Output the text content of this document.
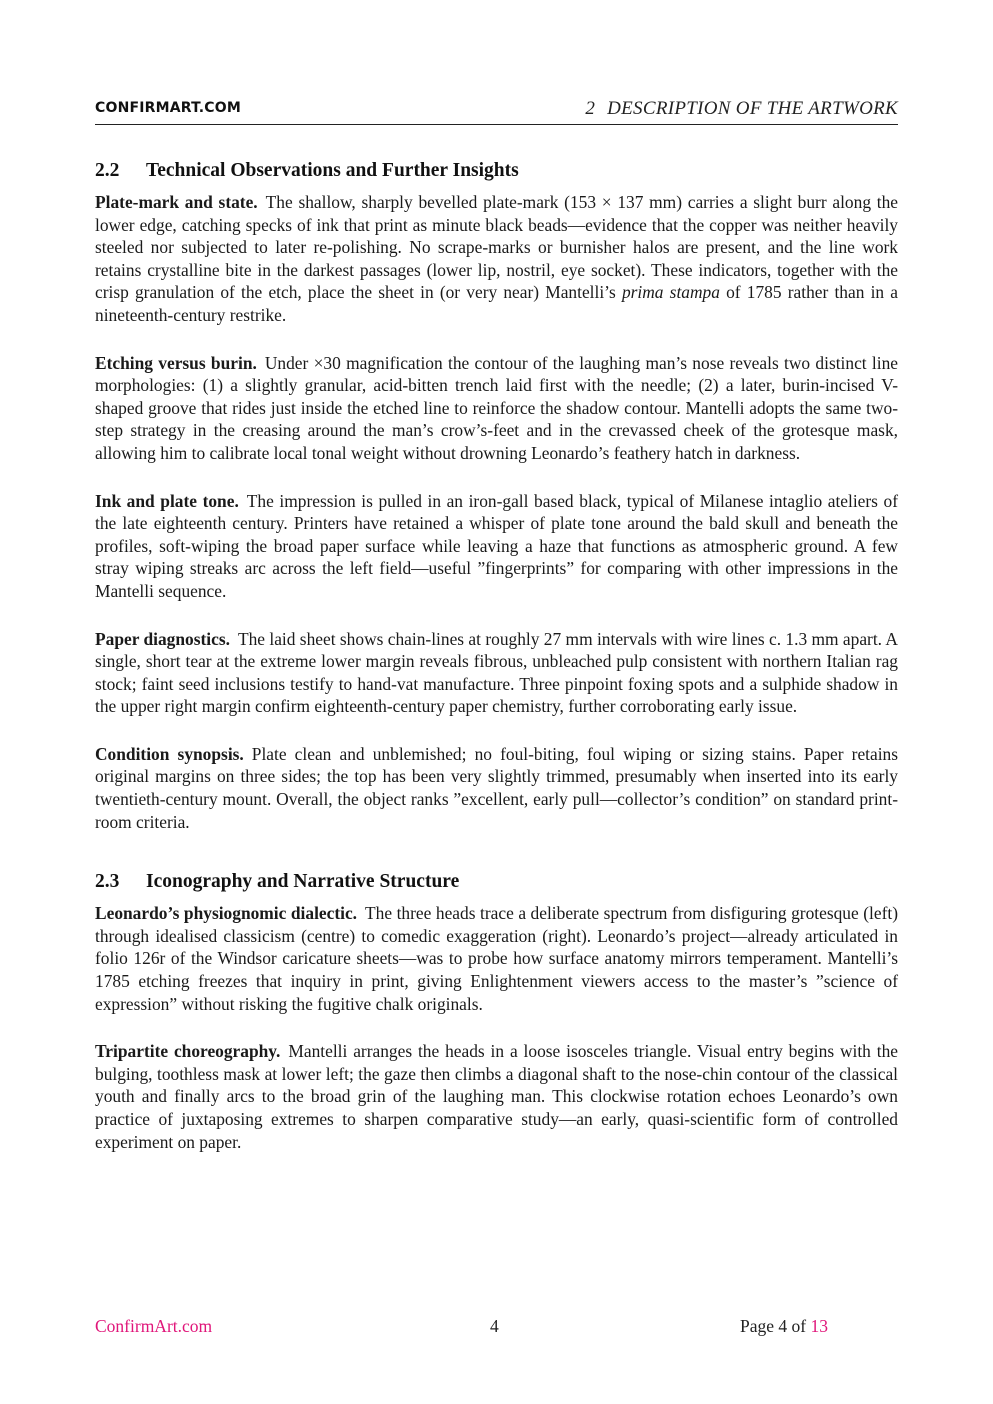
CONFIRMART.COM	2 DESCRIPTION OF THE ARTWORK
2.2 Technical Observations and Further Insights

Plate-mark and state. The shallow, sharply bevelled plate-mark (153 × 137 mm) carries a slight burr along the lower edge, catching specks of ink that print as minute black beads—evidence that the copper was neither heavily steeled nor subjected to later re-polishing. No scrape-marks or burnisher halos are present, and the line work retains crystalline bite in the darkest passages (lower lip, nostril, eye socket). These indicators, together with the crisp granulation of the etch, place the sheet in (or very near) Mantelli’s prima stampa of 1785 rather than in a nineteenth-century restrike.

Etching versus burin. Under ×30 magnification the contour of the laughing man’s nose reveals two distinct line morphologies: (1) a slightly granular, acid-bitten trench laid first with the needle; (2) a later, burin-incised V-shaped groove that rides just inside the etched line to reinforce the shadow contour. Mantelli adopts the same two-step strategy in the creasing around the man’s crow’s-feet and in the crevassed cheek of the grotesque mask, allowing him to calibrate local tonal weight without drowning Leonardo’s feathery hatch in darkness.

Ink and plate tone. The impression is pulled in an iron-gall based black, typical of Milanese intaglio ateliers of the late eighteenth century. Printers have retained a whisper of plate tone around the bald skull and beneath the profiles, soft-wiping the broad paper surface while leaving a haze that functions as atmospheric ground. A few stray wiping streaks arc across the left field—useful ”fingerprints” for comparing with other impressions in the Mantelli sequence.

Paper diagnostics. The laid sheet shows chain-lines at roughly 27 mm intervals with wire lines c. 1.3 mm apart. A single, short tear at the extreme lower margin reveals fibrous, unbleached pulp consistent with northern Italian rag stock; faint seed inclusions testify to hand-vat manufacture. Three pinpoint foxing spots and a sulphide shadow in the upper right margin confirm eighteenth-century paper chemistry, further corroborating early issue.

Condition synopsis. Plate clean and unblemished; no foul-biting, foul wiping or sizing stains. Paper retains original margins on three sides; the top has been very slightly trimmed, presumably when inserted into its early twentieth-century mount. Overall, the object ranks ”excellent, early pull—collector’s condition” on standard print-room criteria.

2.3 Iconography and Narrative Structure

Leonardo’s physiognomic dialectic. The three heads trace a deliberate spectrum from disfiguring grotesque (left) through idealised classicism (centre) to comedic exaggeration (right). Leonardo’s project—already articulated in folio 126r of the Windsor caricature sheets—was to probe how surface anatomy mirrors temperament. Mantelli’s 1785 etching freezes that inquiry in print, giving Enlightenment viewers access to the master’s ”science of expression” without risking the fugitive chalk originals.

Tripartite choreography. Mantelli arranges the heads in a loose isosceles triangle. Visual entry begins with the bulging, toothless mask at lower left; the gaze then climbs a diagonal shaft to the nose-chin contour of the classical youth and finally arcs to the broad grin of the laughing man. This clockwise rotation echoes Leonardo’s own practice of juxtaposing extremes to sharpen comparative study—an early, quasi-scientific form of controlled experiment on paper.

ConfirmArt.com	4	Page 4 of 13
